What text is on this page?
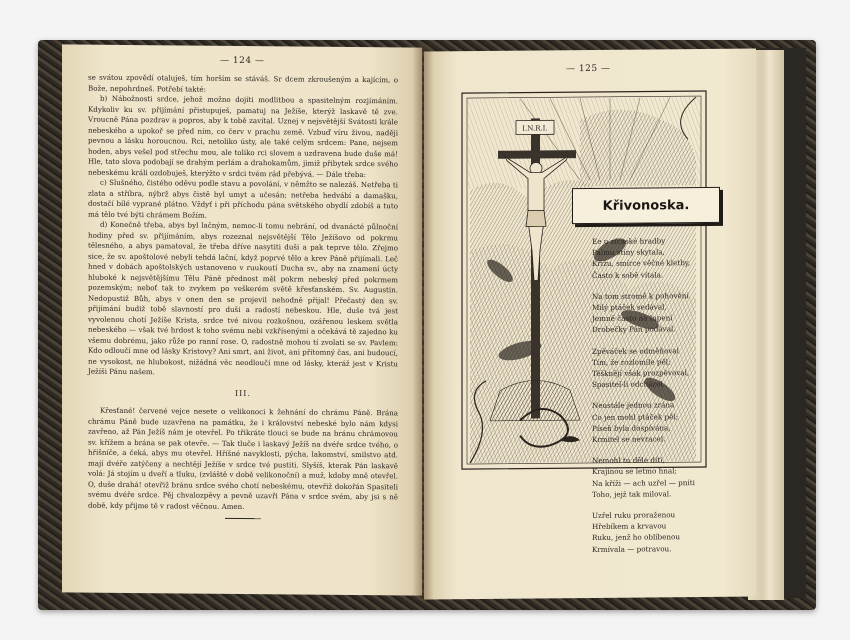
— 124 —

se svátou zpovědí otaluješ, tím horším se stáváš. Sr dcem zkroušeným a kajícím, o Bože, nepohrdneš. Potřebí takté:

b) Nábožnosti srdce, jehož možno dojíti modlitbou a spasitelným rozjímáním. Kdykoliv ku sv. přijímání přistupuješ, pamatuj na Ježíše, kterýž laskavě tě zve. Vroucně Pána pozdrav a popros, aby k tobě zavítal. Uznej v nejsvětější Svátosti krále nebeského a upokoř se před ním, co červ v prachu země. Vzbuď víru živou, naději pevnou a lásku horoucnou. Rci, netoliko ústy, ale také celým srdcem: Pane, nejsem hoden, abys vešel pod střechu mou, ale toliko rci slovem a uzdravena bude duše má! Hle, tato slova podobají se drahým perlám a drahokamům, jimiž přibytek srdce svého nebeskému králi ozdobuješ, kterýžto v srdci tvém rád přebývá. — Dále třeba:

c) Slušného, čistého oděvu podle stavu a povolání, v němžto se nalezáš. Netřeba ti zlata a stříbra, nýbrž abys čistě byl umyt a učesán; netřeba hedvábí a damašku, dostačí bílé vyprané plátno. Vždyť i při příchodu pána světského obydlí zdobíš a tuto má tělo tvé býti chrámem Božím.

d) Konečně třeba, abys byl lačným, nemoc-li tomu nebrání, od dvanácté půlnoční hodiny před sv. přijímáním, abys rozeznal nejsvětější Tělo Ježíšovo od pokrmu tělesného, a abys pamatoval, že třeba dříve nasytiti duši a pak teprve tělo. Zřejmo sice, že sv. apoštolové nebyli tehdá lační, když poprvé tělo a krev Páně přijímali. Leč hned v dobách apoštolských ustanoveno v ruukoutí Ducha sv., aby na znamení úcty hluboké k nejsvětějšímu Tělu Páně přednost měl pokrm nebeský před pokrmem pozemským; neboť tak to zvykem po veškerém světě křesťanském. Sv. Augustin. Nedopustiž Bůh, abys v onen den se projevil nehodně přijal! Přečastý den sv. přijímání budiž tobě slavností pro duši a radostí nebeskou. Hle, duše tvá jest vyvolenou chotí Ježíše Krista, srdce tvé nivou rozkošnou, ozářenou leskem světla nebeského — však tvé hrdost k toho svému nebi vzkřísenými a očekává tě zajedno ku všemu dobrému, jako růže po ranní rose. O, radostně mohou tí zvolati se sv. Pavlem: Kdo odloučí mne od lásky Kristovy? Ani smrt, ani život, ani přítomný čas, ani budoucí, ne vysokost, ne hlubokost, nižádná věc neodloučí mne od lásky, kteráž jest v Kristu Ježíši Pánu našem.

III.

Křesťané! červené vejce nesete o velikonoci k žehnání do chrámu Páně. Brána chrámu Páně bude uzavřena na památku, že i království nebeské bylo nám kdysi zavřeno, až Pán Ježíš nám je otevřel. Po třikráte tlouci se bude na bránu chrámovou sv. křížem a brána se pak otevře. — Tak tluče i laskavý Ježíš na dvéře srdce tvého, o hříšníče, a čeká, abys mu otevřel. Hříšné navyklosti, pýcha, lakomství, smilstvo atd. mají dvéře zatýčeny a nechtějí Ježíše v srdce tvé pustiti. Slyšíš, kterak Pán laskavě volá: Já stojím u dveří a tluku, (zvláště v době velikonoční) a muž, kdoby mně otevřel. O, duše drahá! otevřiž bránu srdce svého chotí nebeskému, otevřiž dokořán Spasiteli svému dvéře srdce. Pěj chvalozpěvy a pevně uzavři Pána v srdce svém, aby jsi s ně době, kdy přijme tě v radost věčnou. Amen.

— 125 —
I.N.R.I.
Křivonoska.
Ee u zícaské hradby
Palmu stíny skytala,
Křižu, smírce věčné kletby,
Často k sobě vítala.
Na tom stromě k pohovění
Milý ptáček sedával,
Jemně často na lupení
Drobečky Pán podával.
Zpěváček se odměňoval
Tím, že rozlomile pěl;
Těšknějí však prozpěvoval,
Spasitel-li odcházel.
Neustále jednou zrána
Co jen mohl ptáček pěl;
Píseň byla dospívána,
Krmitel se nevracel.
Nemohl tu děle díti,
Krajinou se letmo hnal;
Na kříži — ach uzřel — pníti
Toho, jejž tak miloval.
Uzřel ruku proraženou
Hřebíkem a krvavou
Ruku, jenž ho oblíbenou
Krmívala — potravou.
